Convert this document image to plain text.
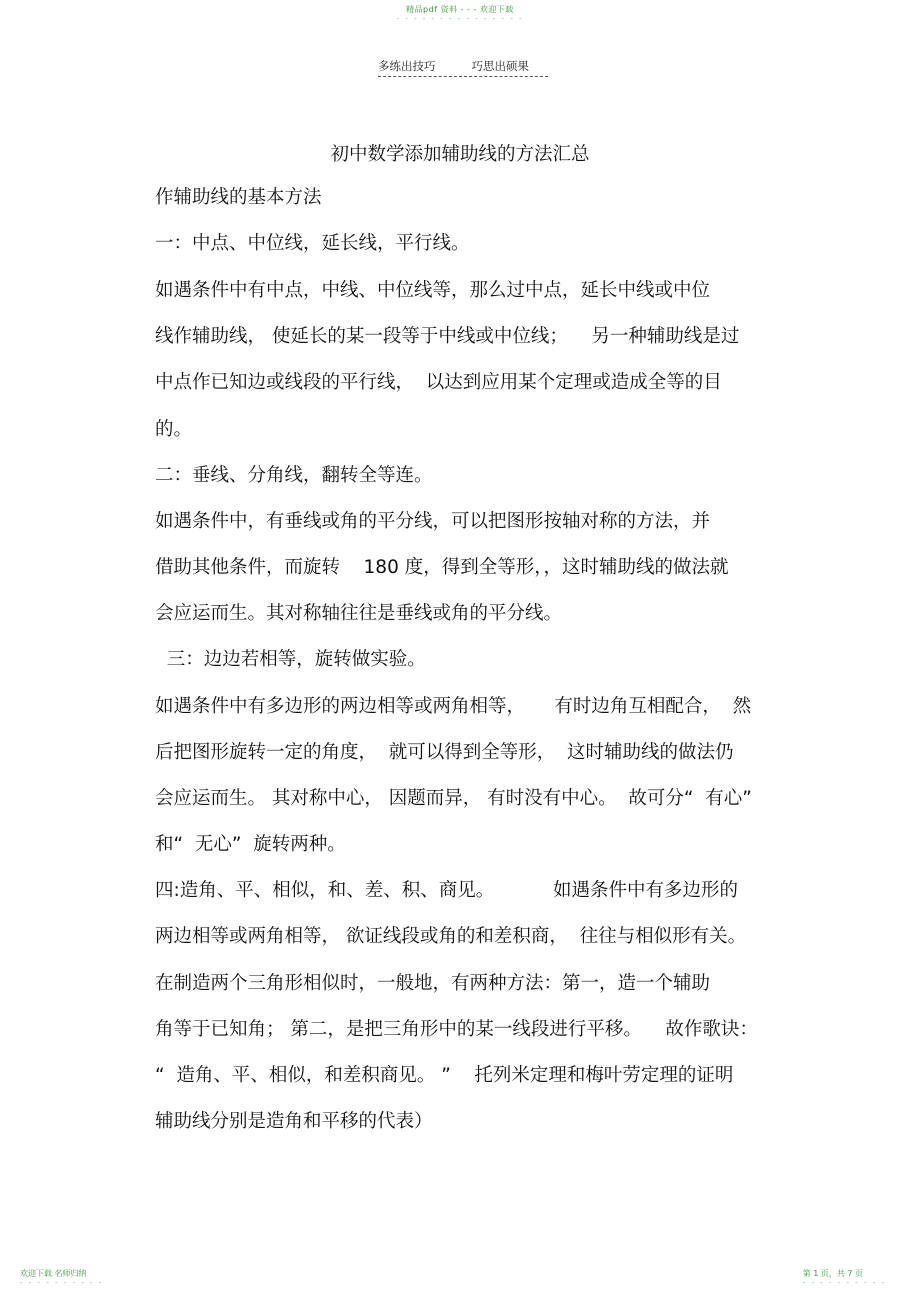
精品pdf 资料 - - - 欢迎下载
- - - - - - - - - - - - - - -
多练出技巧	巧思出硕果
初中数学添加辅助线的方法汇总
作辅助线的基本方法
一：中点、中位线，延长线，平行线。
如遇条件中有中点，中线、中位线等，那么过中点，延长中线或中位
线作辅助线， 使延长的某一段等于中线或中位线；    另一种辅助线是过
中点作已知边或线段的平行线，  以达到应用某个定理或造成全等的目
的。
二：垂线、分角线，翻转全等连。
如遇条件中，有垂线或角的平分线，可以把图形按轴对称的方法，并
借助其他条件，而旋转    180 度，得到全等形，，这时辅助线的做法就
会应运而生。其对称轴往往是垂线或角的平分线。
三：边边若相等，旋转做实验。
如遇条件中有多边形的两边相等或两角相等，     有时边角互相配合，  然
后把图形旋转一定的角度，  就可以得到全等形，  这时辅助线的做法仍
会应运而生。 其对称中心， 因题而异， 有时没有中心。  故可分“  有心”
和“  无心”  旋转两种。
四:造角、平、相似，和、差、积、商见。          如遇条件中有多边形的
两边相等或两角相等， 欲证线段或角的和差积商，  往往与相似形有关。
在制造两个三角形相似时，一般地，有两种方法：第一，造一个辅助
角等于已知角； 第二，是把三角形中的某一线段进行平移。    故作歌诀：
“  造角、平、相似，和差积商见。 ”    托列米定理和梅叶劳定理的证明
辅助线分别是造角和平移的代表）
欢迎下载 名师归纳
- - - - - - - - - -
第 1 页，共 7 页
- - - - - - - - - -
